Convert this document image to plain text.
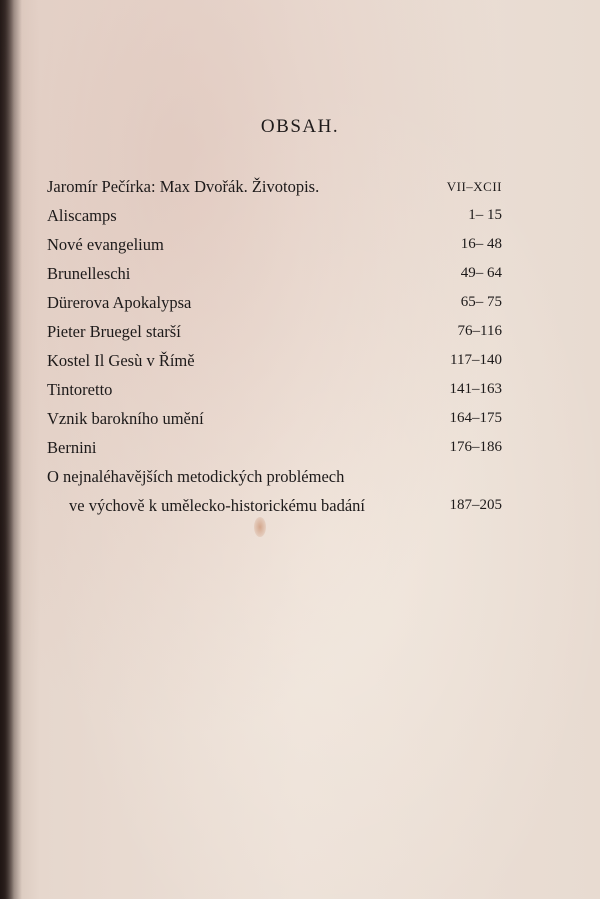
OBSAH.
Jaromír Pečírka: Max Dvořák. Životopis.	VII–XCII
Aliscamps	1– 15
Nové evangelium	16– 48
Brunelleschi	49– 64
Dürerova Apokalypsa	65– 75
Pieter Bruegel starší	76–116
Kostel Il Gesù v Římě	117–140
Tintoretto	141–163
Vznik barokního umění	164–175
Bernini	176–186
O nejnaléhavějších metodických problémech
ve výchově k umělecko-historickému badání	187–205
